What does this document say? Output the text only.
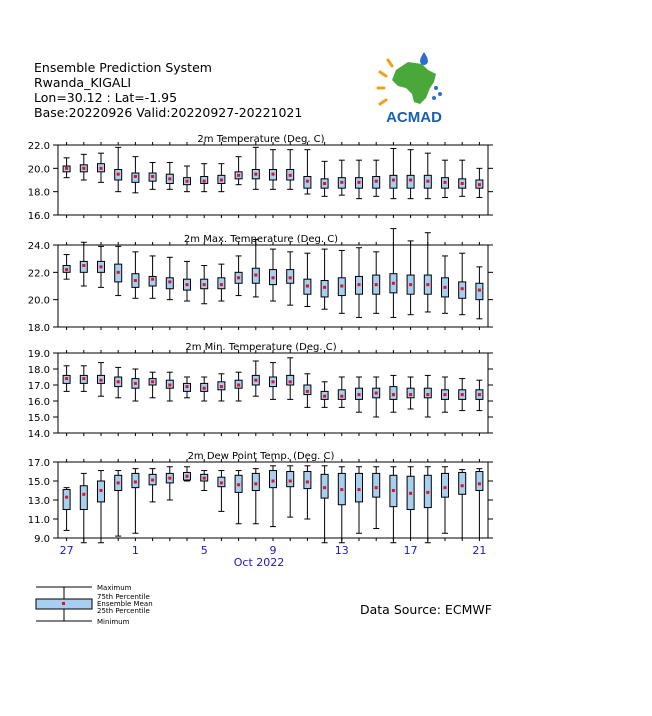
Ensemble Prediction System
Rwanda_KIGALI
Lon=30.12 : Lat=-1.95
Base:20220926 Valid:20220927-20221021	ACMAD
2m Temperature (Deg. C)
22.0
20.0
18.0
16.0
2m Max. Temperature (Deg. C)
24.0
22.0
20.0
18.0
2m Min. Temperature (Deg. C)
19.0
18.0
17.0
16.0
15.0
14.0
2m Dew Point Temp. (Deg. C)
17.0
15.0
13.0
11.0
9.0
27	1	5	9	13	17	21
Oct 2022
Maximum
75th Percentile
Ensemble Mean
25th Percentile
Minimum
Data Source: ECMWF
